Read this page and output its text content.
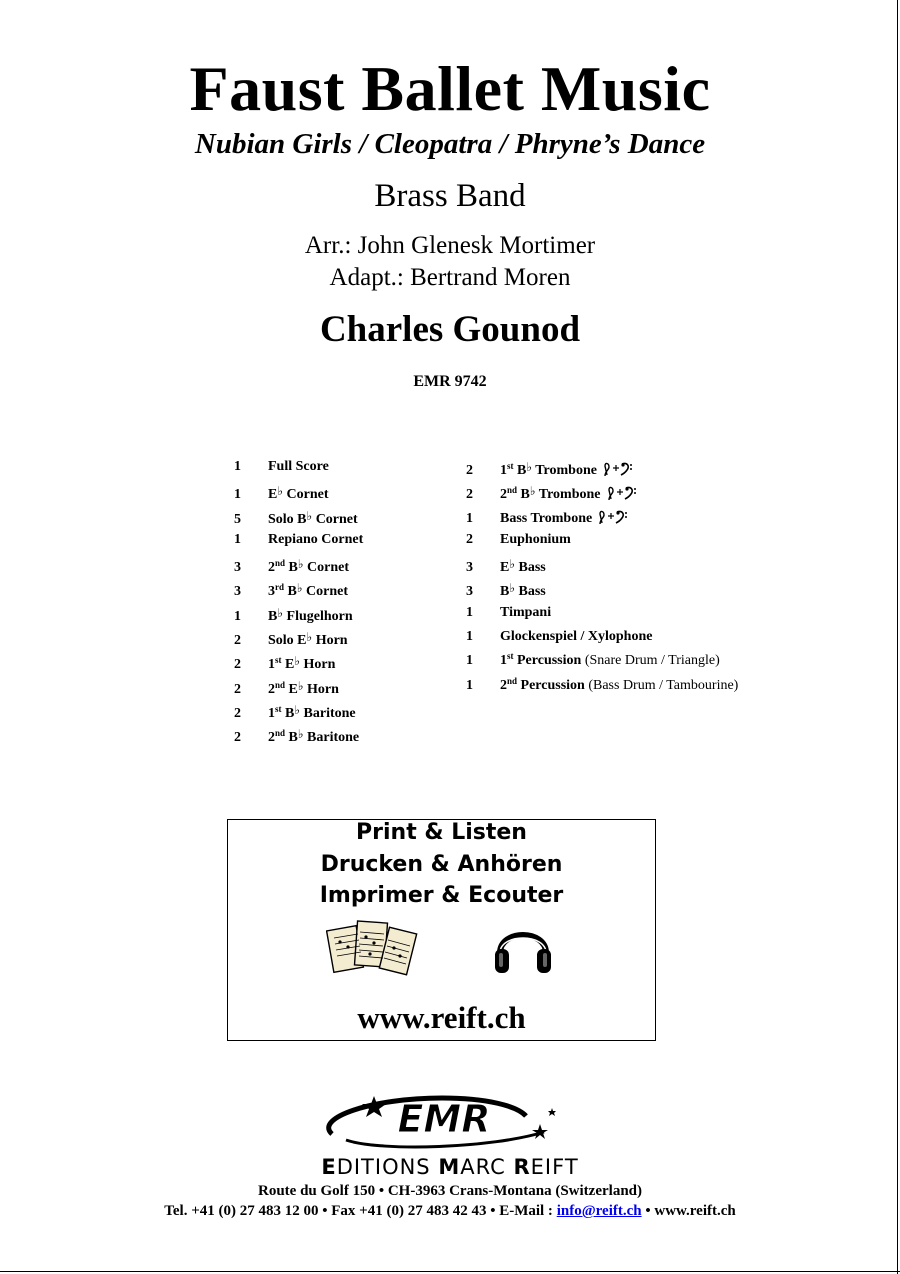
Faust Ballet Music
Nubian Girls / Cleopatra / Phryne’s Dance
Brass Band
Arr.: John Glenesk Mortimer
Adapt.: Bertrand Moren
Charles Gounod
EMR 9742
1 Full Score
1 E♭ Cornet
5 Solo B♭ Cornet
1 Repiano Cornet
3 2nd B♭ Cornet
3 3rd B♭ Cornet
1 B♭ Flugelhorn
2 Solo E♭ Horn
2 1st E♭ Horn
2 2nd E♭ Horn
2 1st B♭ Baritone
2 2nd B♭ Baritone
2 1st B♭ Trombone
2 2nd B♭ Trombone
1 Bass Trombone
2 Euphonium
3 E♭ Bass
3 B♭ Bass
1 Timpani
1 Glockenspiel / Xylophone
1 1st Percussion (Snare Drum / Triangle)
1 2nd Percussion (Bass Drum / Tambourine)
Print & Listen
Drucken & Anhören
Imprimer & Ecouter
www.reift.ch
EMR
EDITIONS MARC REIFT
Route du Golf 150 • CH-3963 Crans-Montana (Switzerland)
Tel. +41 (0) 27 483 12 00 • Fax +41 (0) 27 483 42 43 • E-Mail : info@reift.ch • www.reift.ch
